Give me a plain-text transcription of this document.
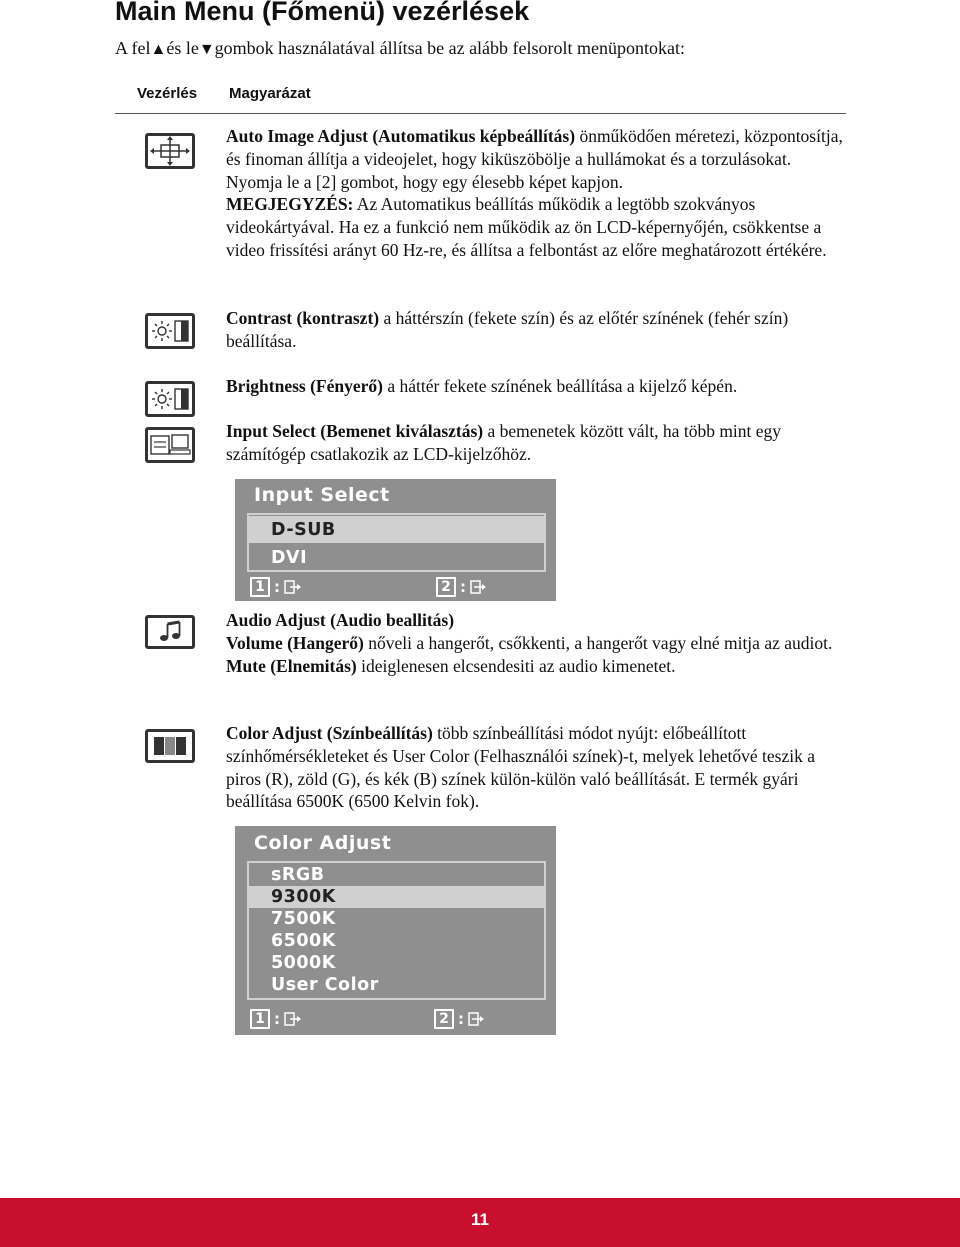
Main Menu (Főmenü) vezérlések
A fel▲és le▼gombok használatával állítsa be az alább felsorolt menüpontokat:
Vezérlés Magyarázat

Auto Image Adjust (Automatikus képbeállítás) önműködően méretezi, központosítja, és finoman állítja a videojelet, hogy kiküszöbölje a hullámokat és a torzulásokat. Nyomja le a [2] gombot, hogy egy élesebb képet kapjon.
MEGJEGYZÉS: Az Automatikus beállítás működik a legtöbb szokványos videokártyával. Ha ez a funkció nem működik az ön LCD-képernyőjén, csökkentse a video frissítési arányt 60 Hz-re, és állítsa a felbontást az előre meghatározott értékére.

Contrast (kontraszt) a háttérszín (fekete szín) és az előtér színének (fehér szín) beállítása.

Brightness (Fényerő) a háttér fekete színének beállítása a kijelző képén.

Input Select (Bemenet kiválasztás) a bemenetek között vált, ha több mint egy számítógép csatlakozik az LCD-kijelzőhöz.

Input Select
D-SUB
DVI
1 :	2 :

Audio Adjust (Audio beallitás)
Volume (Hangerő) nőveli a hangerőt, csőkkenti, a hangerőt vagy elné mitja az audiot.
Mute (Elnemitás) ideiglenesen elcsendesiti az audio kimenetet.

Color Adjust (Színbeállítás) több színbeállítási módot nyújt: előbeállított színhőmérsékleteket és User Color (Felhasználói színek)-t, melyek lehetővé teszik a piros (R), zöld (G), és kék (B) színek külön-külön való beállítását. E termék gyári beállítása 6500K (6500 Kelvin fok).

Color Adjust
sRGB
9300K
7500K
6500K
5000K
User Color
1 :	2 :
11
